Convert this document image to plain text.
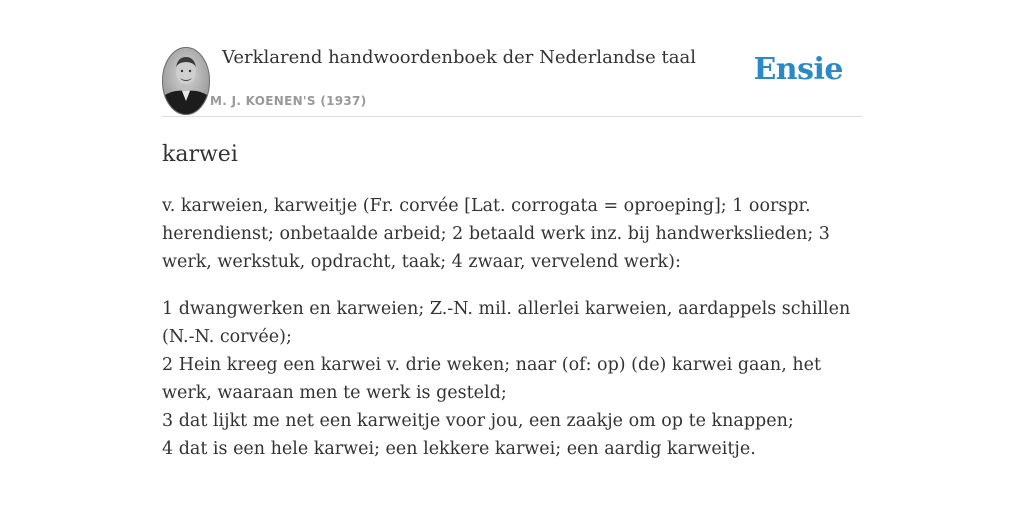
Verklarend handwoordenboek der Nederlandse taal
M. J. KOENEN'S (1937)
Ensie
karwei

v. karweien, karweitje (Fr. corvée [Lat. corrogata = oproeping]; 1 oorspr. herendienst; onbetaalde arbeid; 2 betaald werk inz. bij handwerkslieden; 3 werk, werkstuk, opdracht, taak; 4 zwaar, vervelend werk):

1 dwangwerken en karweien; Z.-N. mil. allerlei karweien, aardappels schillen (N.-N. corvée);
2 Hein kreeg een karwei v. drie weken; naar (of: op) (de) karwei gaan, het werk, waaraan men te werk is gesteld;
3 dat lijkt me net een karweitje voor jou, een zaakje om op te knappen;
4 dat is een hele karwei; een lekkere karwei; een aardig karweitje.
